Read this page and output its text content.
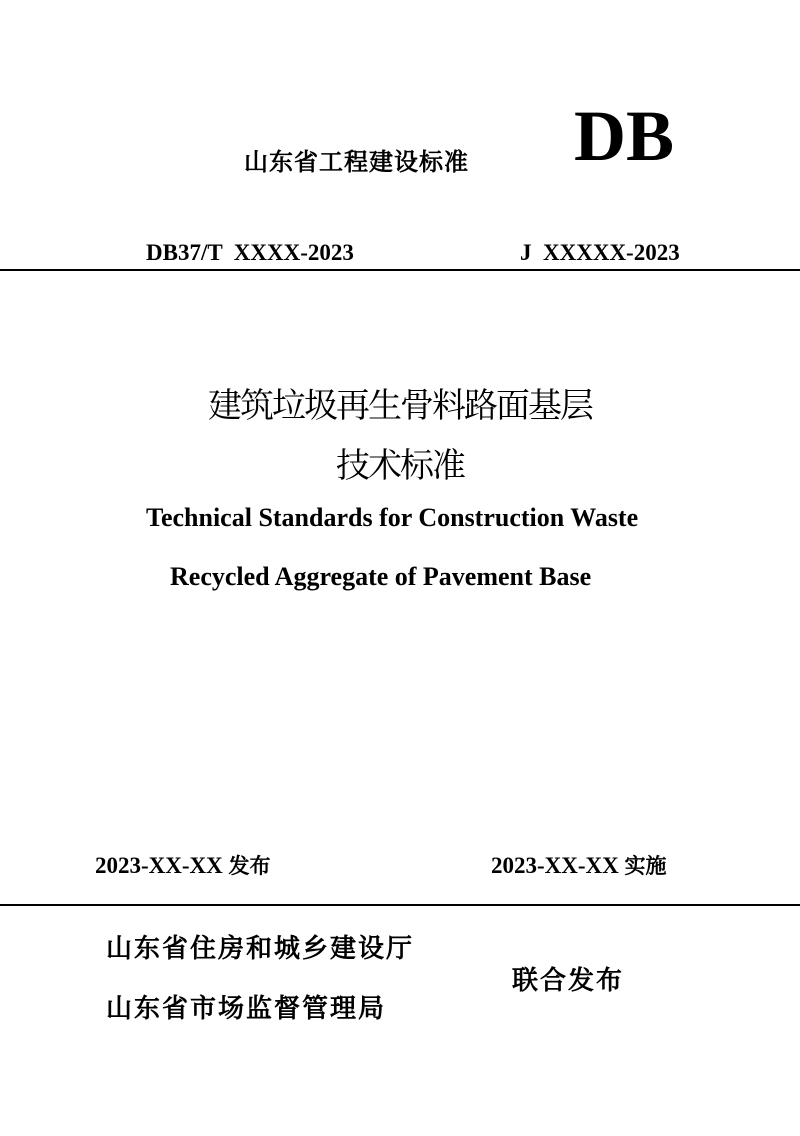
山东省工程建设标准 DB
DB37/T  XXXX-2023	J  XXXXX-2023
建筑垃圾再生骨料路面基层
技术标准
Technical Standards for Construction Waste
Recycled Aggregate of Pavement Base
2023-XX-XX 发布	2023-XX-XX 实施
山东省住房和城乡建设厅
山东省市场监督管理局
联合发布
